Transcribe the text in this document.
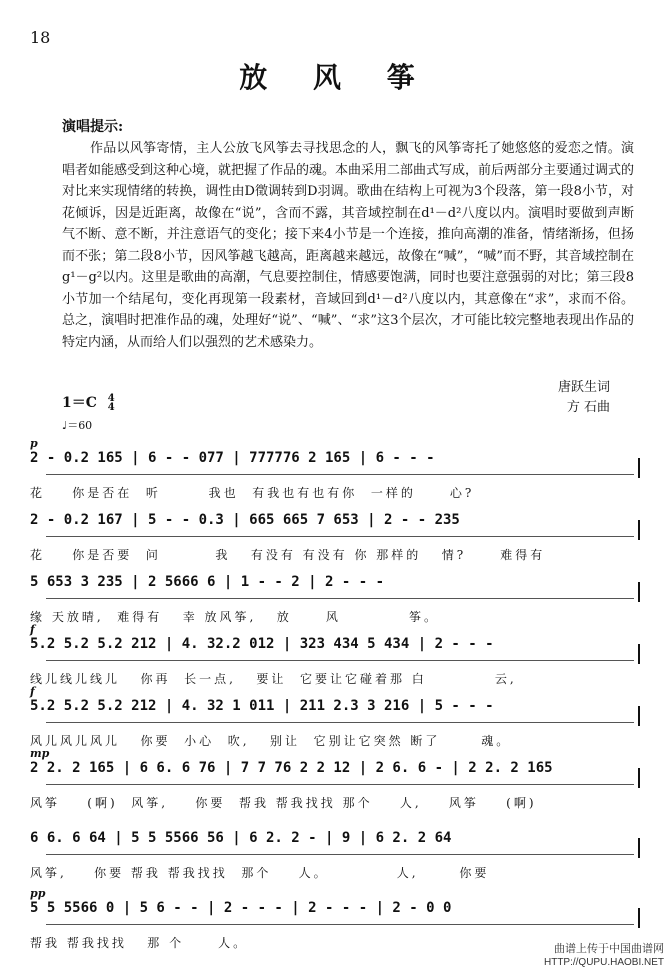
18
放 风 筝
演唱提示:
作品以风筝寄情，主人公放飞风筝去寻找思念的人，飘飞的风筝寄托了她悠悠的爱恋之情。演唱者如能感受到这种心境，就把握了作品的魂。本曲采用二部曲式写成，前后两部分主要通过调式的对比来实现情绪的转换，调性由D徵调转到D羽调。歌曲在结构上可视为3个段落，第一段8小节，对花倾诉，因是近距离，故像在“说”，含而不露，其音域控制在d¹－d²八度以内。演唱时要做到声断气不断、意不断，并注意语气的变化；接下来4小节是一个连接，推向高潮的准备，情绪渐扬，但扬而不张；第二段8小节，因风筝越飞越高，距离越来越远，故像在“喊”，“喊”而不野，其音域控制在g¹－g²以内。这里是歌曲的高潮，气息要控制住，情感要饱满，同时也要注意强弱的对比；第三段8小节加一个结尾句，变化再现第一段素材，音域回到d¹－d²八度以内，其意像在“求”，求而不俗。总之，演唱时把准作品的魂，处理好“说”、“喊”、“求”这3个层次，才可能比较完整地表现出作品的特定内涵，从而给人们以强烈的艺术感染力。
1＝C 4
4
♩＝60
唐跃生词
方 石曲
p
2 - 0.2 165 | 6 - - 077 | 777776 2 165 | 6 - - -
花    你是否在  听       我也  有我也有也有你  一样的     心?
2 - 0.2 167 | 5 - - 0.3 | 665 665 7 653 | 2 - - 235
花    你是否要  问        我   有没有 有没有 你 那样的   情?     难得有
5 653 3 235 | 2 5666 6 | 1 - - 2 | 2 - - -
缘 天放晴,  难得有   幸 放风筝,   放     风          筝。
f
5.2 5.2 5.2 212 | 4. 32.2 012 | 323 434 5 434 | 2 - - -
线儿线儿线儿   你再  长一点,   要让  它要让它碰着那 白          云,
f
5.2 5.2 5.2 212 | 4. 32 1 011 | 211 2.3 3 216 | 5 - - -
风儿风儿风儿   你要  小心  吹,   别让  它别让它突然 断了      魂。
mp
2 2. 2 165 | 6 6. 6 76 | 7 7 76 2 2 12 | 2 6. 6 - | 2 2. 2 165
风筝    (啊)  风筝,    你要  帮我 帮我找找 那个    人,    风筝    (啊)
6 6. 6 64 | 5 5 5566 56 | 6 2. 2 - | 9 | 6 2. 2 64
风筝,    你要 帮我 帮我找找  那个    人。          人,      你要
pp
5 5 5566 0 | 5 6 - - | 2 - - - | 2 - - - | 2 - 0 0
帮我 帮我找找   那 个     人。	曲谱上传于中国曲谱网
HTTP://QUPU.HAOBI.NET
